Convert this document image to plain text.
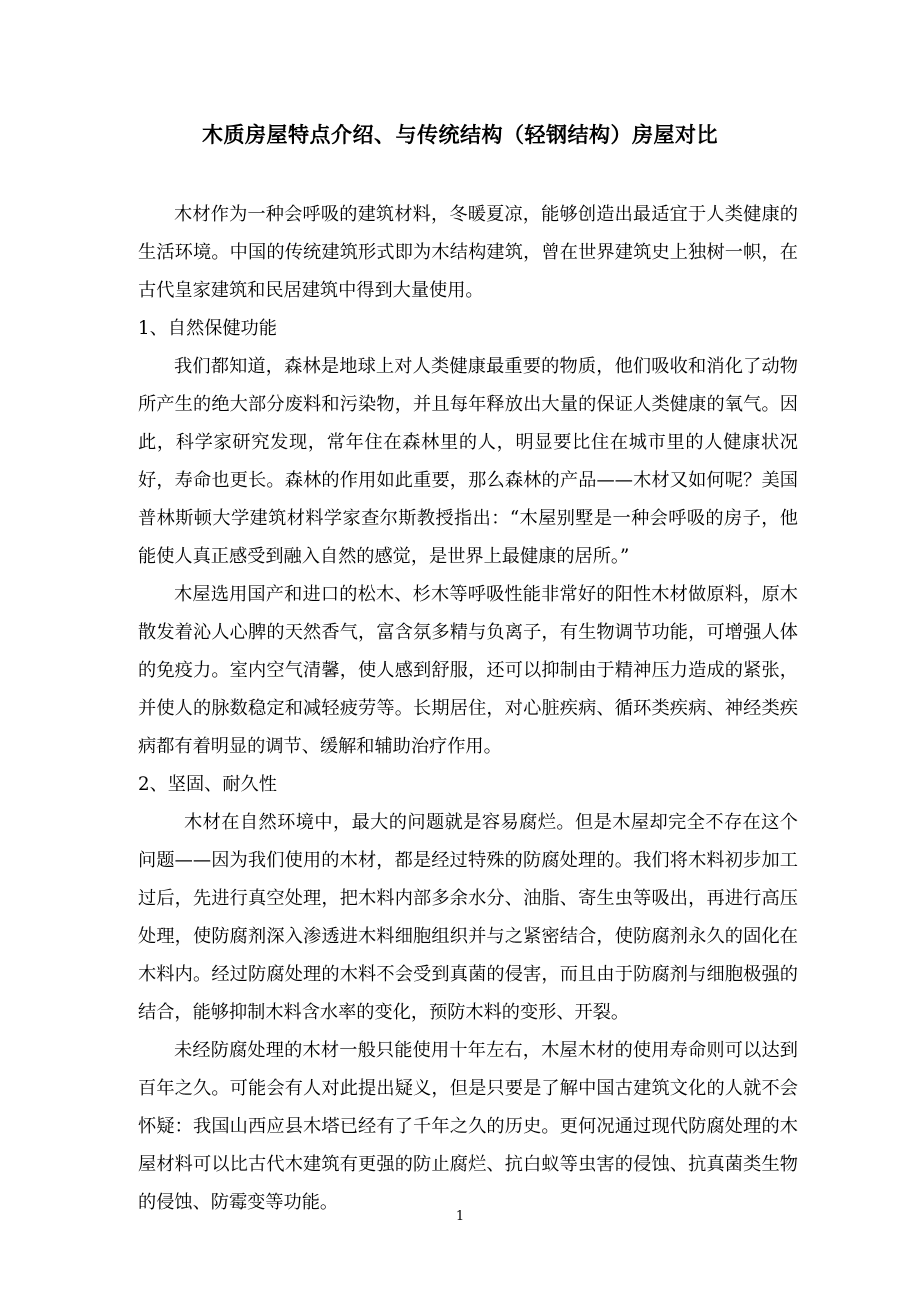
木质房屋特点介绍、与传统结构（轻钢结构）房屋对比

木材作为一种会呼吸的建筑材料，冬暖夏凉，能够创造出最适宜于人类健康的生活环境。中国的传统建筑形式即为木结构建筑，曾在世界建筑史上独树一帜，在古代皇家建筑和民居建筑中得到大量使用。

1、自然保健功能

我们都知道，森林是地球上对人类健康最重要的物质，他们吸收和消化了动物所产生的绝大部分废料和污染物，并且每年释放出大量的保证人类健康的氧气。因此，科学家研究发现，常年住在森林里的人，明显要比住在城市里的人健康状况好，寿命也更长。森林的作用如此重要，那么森林的产品——木材又如何呢？美国普林斯顿大学建筑材料学家查尔斯教授指出：“木屋别墅是一种会呼吸的房子，他能使人真正感受到融入自然的感觉，是世界上最健康的居所。”

木屋选用国产和进口的松木、杉木等呼吸性能非常好的阳性木材做原料，原木散发着沁人心脾的天然香气，富含氛多精与负离子，有生物调节功能，可增强人体的免疫力。室内空气清馨，使人感到舒服，还可以抑制由于精神压力造成的紧张，并使人的脉数稳定和减轻疲劳等。长期居住，对心脏疾病、循环类疾病、神经类疾病都有着明显的调节、缓解和辅助治疗作用。

2、坚固、耐久性

木材在自然环境中，最大的问题就是容易腐烂。但是木屋却完全不存在这个问题——因为我们使用的木材，都是经过特殊的防腐处理的。我们将木料初步加工过后，先进行真空处理，把木料内部多余水分、油脂、寄生虫等吸出，再进行高压处理，使防腐剂深入渗透进木料细胞组织并与之紧密结合，使防腐剂永久的固化在木料内。经过防腐处理的木料不会受到真菌的侵害，而且由于防腐剂与细胞极强的结合，能够抑制木料含水率的变化，预防木料的变形、开裂。

未经防腐处理的木材一般只能使用十年左右，木屋木材的使用寿命则可以达到百年之久。可能会有人对此提出疑义，但是只要是了解中国古建筑文化的人就不会怀疑：我国山西应县木塔已经有了千年之久的历史。更何况通过现代防腐处理的木屋材料可以比古代木建筑有更强的防止腐烂、抗白蚁等虫害的侵蚀、抗真菌类生物的侵蚀、防霉变等功能。

1
